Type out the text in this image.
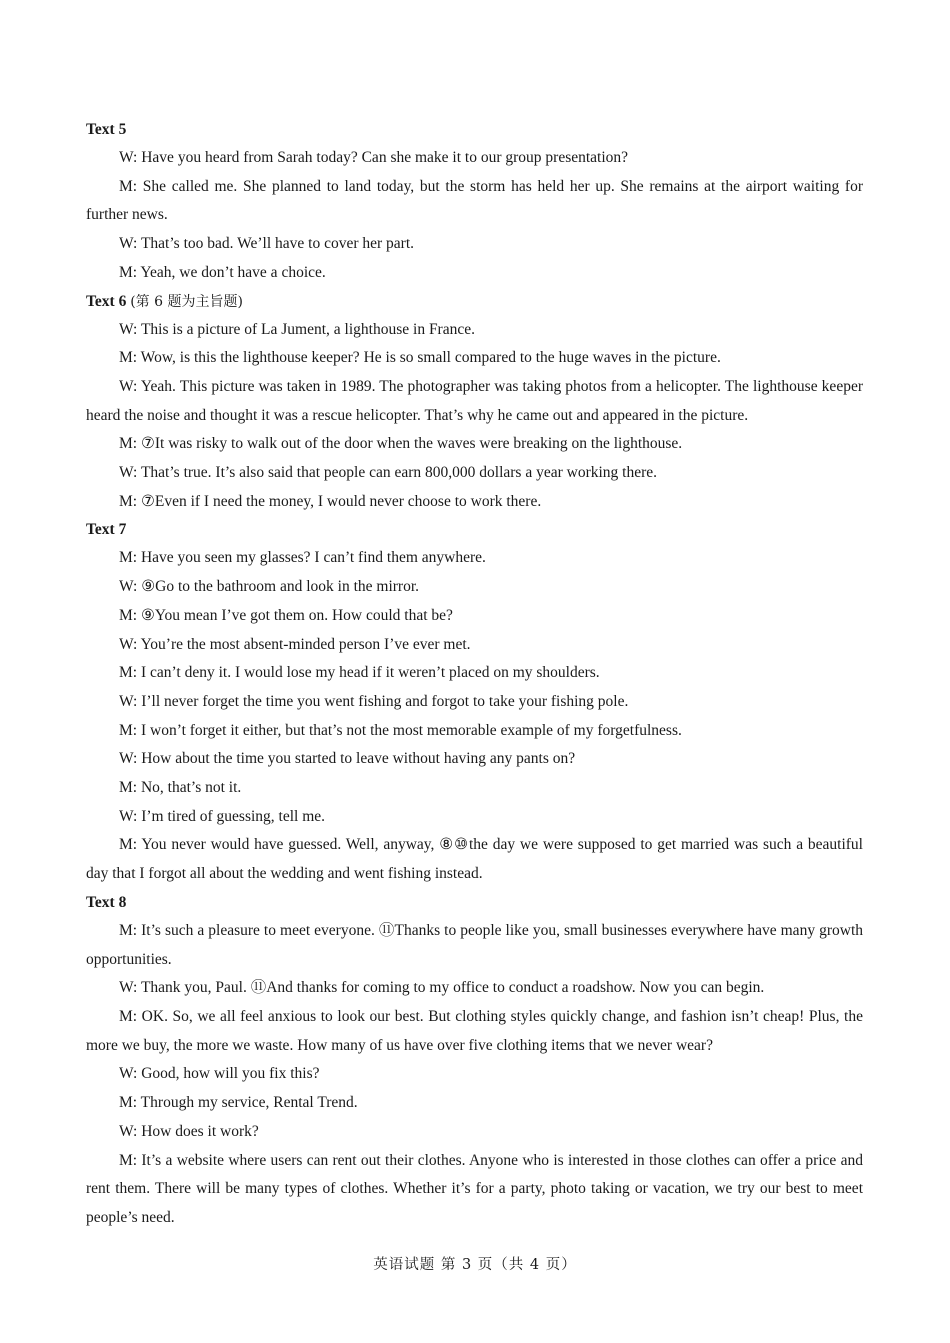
Text 5

W: Have you heard from Sarah today? Can she make it to our group presentation?

M: She called me. She planned to land today, but the storm has held her up. She remains at the airport waiting for further news.

W: That’s too bad. We’ll have to cover her part.

M: Yeah, we don’t have a choice.

Text 6 (第 6 题为主旨题)

W: This is a picture of La Jument, a lighthouse in France.

M: Wow, is this the lighthouse keeper? He is so small compared to the huge waves in the picture.

W: Yeah. This picture was taken in 1989. The photographer was taking photos from a helicopter. The lighthouse keeper heard the noise and thought it was a rescue helicopter. That’s why he came out and appeared in the picture.

M: ⑦It was risky to walk out of the door when the waves were breaking on the lighthouse.

W: That’s true. It’s also said that people can earn 800,000 dollars a year working there.

M: ⑦Even if I need the money, I would never choose to work there.

Text 7

M: Have you seen my glasses? I can’t find them anywhere.

W: ⑨Go to the bathroom and look in the mirror.

M: ⑨You mean I’ve got them on. How could that be?

W: You’re the most absent-minded person I’ve ever met.

M: I can’t deny it. I would lose my head if it weren’t placed on my shoulders.

W: I’ll never forget the time you went fishing and forgot to take your fishing pole.

M: I won’t forget it either, but that’s not the most memorable example of my forgetfulness.

W: How about the time you started to leave without having any pants on?

M: No, that’s not it.

W: I’m tired of guessing, tell me.

M: You never would have guessed. Well, anyway, ⑧⑩the day we were supposed to get married was such a beautiful day that I forgot all about the wedding and went fishing instead.

Text 8

M: It’s such a pleasure to meet everyone. ⑪Thanks to people like you, small businesses everywhere have many growth opportunities.

W: Thank you, Paul. ⑪And thanks for coming to my office to conduct a roadshow. Now you can begin.

M: OK. So, we all feel anxious to look our best. But clothing styles quickly change, and fashion isn’t cheap! Plus, the more we buy, the more we waste. How many of us have over five clothing items that we never wear?

W: Good, how will you fix this?

M: Through my service, Rental Trend.

W: How does it work?

M: It’s a website where users can rent out their clothes. Anyone who is interested in those clothes can offer a price and rent them. There will be many types of clothes. Whether it’s for a party, photo taking or vacation, we try our best to meet people’s need.

英语试题 第 3 页（共 4 页）
